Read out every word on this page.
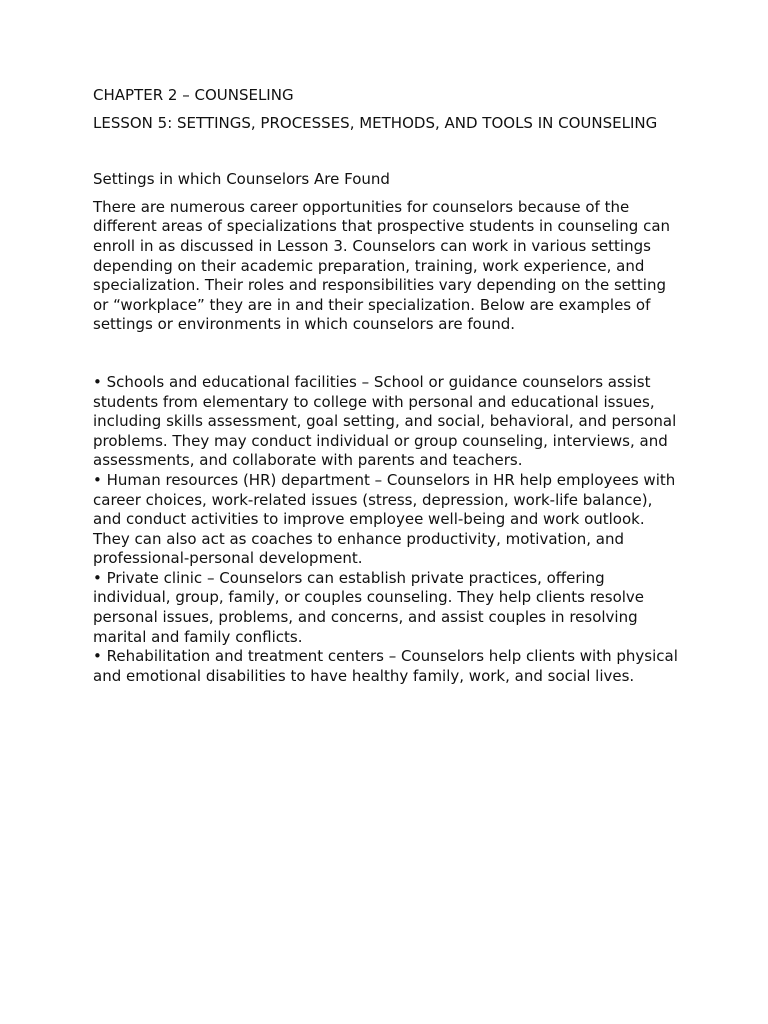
CHAPTER 2 – COUNSELING

LESSON 5: SETTINGS, PROCESSES, METHODS, AND TOOLS IN COUNSELING

Settings in which Counselors Are Found

There are numerous career opportunities for counselors because of the different areas of specializations that prospective students in counseling can enroll in as discussed in Lesson 3. Counselors can work in various settings depending on their academic preparation, training, work experience, and specialization. Their roles and responsibilities vary depending on the setting or “workplace” they are in and their specialization. Below are examples of settings or environments in which counselors are found.

• Schools and educational facilities – School or guidance counselors assist students from elementary to college with personal and educational issues, including skills assessment, goal setting, and social, behavioral, and personal problems. They may conduct individual or group counseling, interviews, and assessments, and collaborate with parents and teachers.

• Human resources (HR) department – Counselors in HR help employees with career choices, work-related issues (stress, depression, work-life balance), and conduct activities to improve employee well-being and work outlook. They can also act as coaches to enhance productivity, motivation, and professional-personal development.

• Private clinic – Counselors can establish private practices, offering individual, group, family, or couples counseling. They help clients resolve personal issues, problems, and concerns, and assist couples in resolving marital and family conflicts.

• Rehabilitation and treatment centers – Counselors help clients with physical and emotional disabilities to have healthy family, work, and social lives.
